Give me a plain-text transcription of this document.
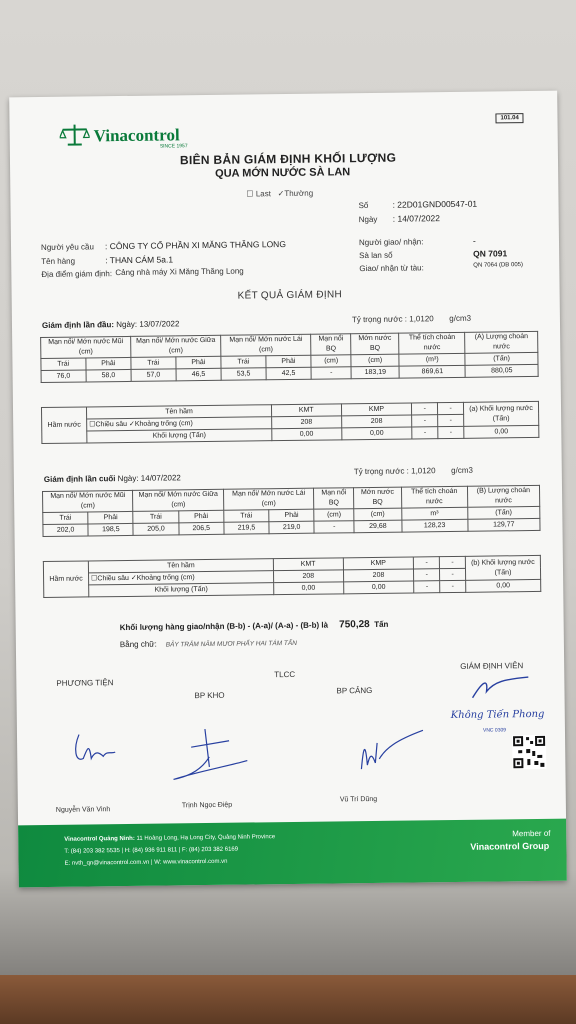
Vinacontrol
SINCE 1957
101.04
BIÊN BẢN GIÁM ĐỊNH KHỐI LƯỢNG
QUA MỚN NƯỚC SÀ LAN
☐ Last ✓Thường
Số	: 22D01GND00547-01
Ngày : 14/07/2022
Người yêu cầu : CÔNG TY CỔ PHẦN XI MĂNG THĂNG LONG
Tên hàng	: THAN CÁM 5a.1
Địa điểm giám định: Cảng nhà máy Xi Măng Thăng Long
Người giao/ nhận:	-
Sà lan số	QN 7091
Giao/ nhận từ tàu:	QN 7064 (DB 005)
KẾT QUẢ GIÁM ĐỊNH
Giám định lần đầu: Ngày: 13/07/2022	Tỷ trọng nước : 1,0120 g/cm3
Mạn nổi/ Mớn nước Mũi (cm)		Mạn nổi/ Mớn nước Giữa (cm)		Mạn nổi/ Mớn nước Lái (cm)		Mạn nổi BQ	Mớn nước BQ	Thể tích choán nước	(A) Lượng choán nước
Trái	Phải	Trái	Phải	Trái	Phải	(cm)	(cm)	(m³)	(Tấn)
76,0	58,0	57,0	46,5	53,5	42,5	-	183,19	869,61	880,05
Hầm nước	Tên hầm	KMT	KMP	-	-	(a) Khối lượng nước (Tấn)
	☐Chiều sâu ✓Khoảng trống (cm)	208	208	-	-	
	Khối lượng (Tấn)	0,00	0,00	-	-	0,00
Giám định lần cuối Ngày: 14/07/2022
Tỷ trọng nước : 1,0120 g/cm3
Mạn nổi/ Mớn nước Mũi (cm)		Mạn nổi/ Mớn nước Giữa (cm)		Mạn nổi/ Mớn nước Lái (cm)		Mạn nổi BQ	Mớn nước BQ	Thể tích choán nước	(B) Lượng choán nước
Trái	Phải	Trái	Phải	Trái	Phải	(cm)	(cm)	m³	(Tấn)
202,0	198,5	205,0	206,5	219,5	219,0	-	29,68	128,23	129,77
Hầm nước	Tên hầm	KMT	KMP	-	-	(b) Khối lượng nước (Tấn)
	☐Chiều sâu ✓Khoảng trống (cm)	208	208	-	-	
	Khối lượng (Tấn)	0,00	0,00	-	-	0,00
Khối lượng hàng giao/nhận (B-b) - (A-a)/ (A-a) - (B-b) là 750,28 Tấn
Bằng chữ: BẢY TRĂM NĂM MƯƠI PHẨY HAI TÁM TẤN
PHƯƠNG TIỆN
TLCC
GIÁM ĐỊNH VIÊN
BP KHO
BP CẢNG
Không Tiến Phong
VNC 0309
Nguyễn Văn Vinh
Trịnh Ngọc Điệp
Vũ Trí Dũng
Vinacontrol Quảng Ninh: 11 Hoàng Long, Hạ Long City, Quảng Ninh Province
T: (84) 203 382 5535 | H: (84) 936 911 811 | F: (84) 203 382 6169
E: nvth_qn@vinacontrol.com.vn | W: www.vinacontrol.com.vn
Member of
Vinacontrol Group
